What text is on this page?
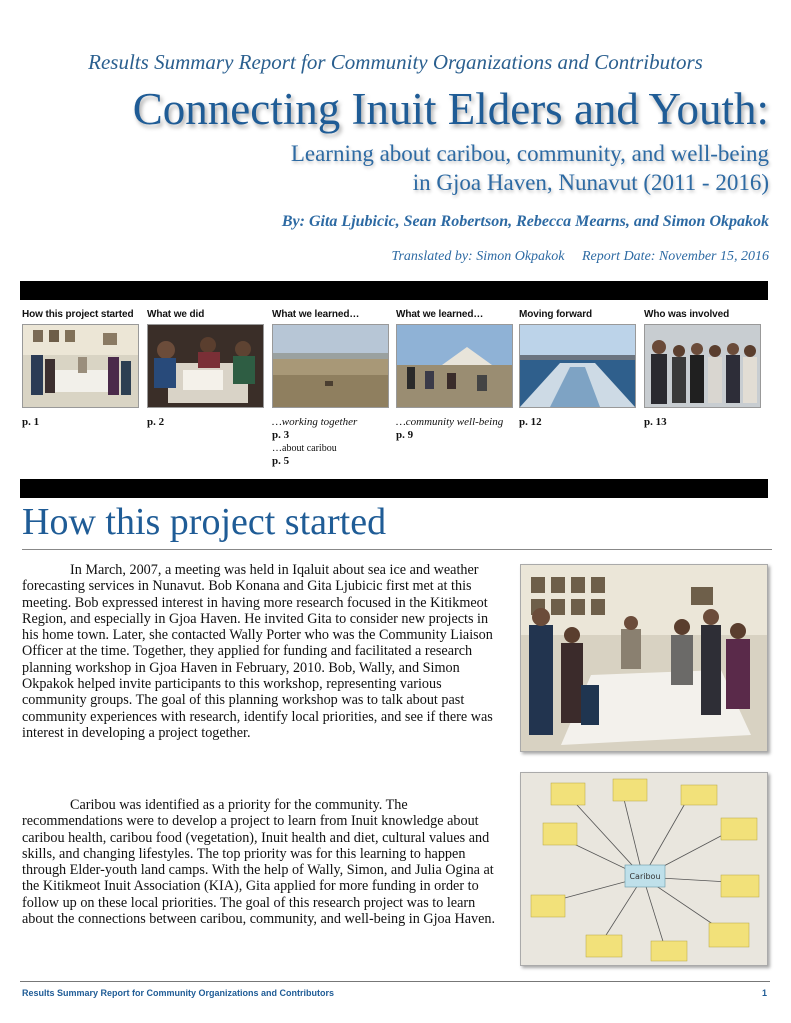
Results Summary Report for Community Organizations and Contributors
Connecting Inuit Elders and Youth:
Learning about caribou, community, and well-being
in Gjoa Haven, Nunavut (2011 - 2016)
By: Gita Ljubicic, Sean Robertson, Rebecca Mearns, and Simon Okpakok
Translated by: Simon Okpakok Report Date: November 15, 2016
How this project started
p. 1
What we did
p. 2
What we learned…
…working together
p. 3
…about caribou
p. 5
What we learned…
…community well-being
p. 9
Moving forward
p. 12
Who was involved
p. 13
How this project started

In March, 2007, a meeting was held in Iqaluit about sea ice and weather forecasting services in Nunavut. Bob Konana and Gita Ljubicic first met at this meeting. Bob expressed interest in having more research focused in the Kitikmeot Region, and especially in Gjoa Haven. He invited Gita to consider new projects in his home town. Later, she contacted Wally Porter who was the Community Liaison Officer at the time. Together, they applied for funding and facilitated a research planning workshop in Gjoa Haven in February, 2010. Bob, Wally, and Simon Okpakok helped invite participants to this workshop, representing various community groups. The goal of this planning workshop was to talk about past community experiences with research, identify local priorities, and see if there was interest in developing a project together.

Caribou was identified as a priority for the community. The recommendations were to develop a project to learn from Inuit knowledge about caribou health, caribou food (vegetation), Inuit health and diet, cultural values and skills, and changing lifestyles. The top priority was for this learning to happen through Elder-youth land camps. With the help of Wally, Simon, and Julia Ogina at the Kitikmeot Inuit Association (KIA), Gita applied for more funding in order to follow up on these local priorities. The goal of this research project was to learn about the connections between caribou, community, and well-being in Gjoa Haven.

Caribou
Results Summary Report for Community Organizations and Contributors	1
